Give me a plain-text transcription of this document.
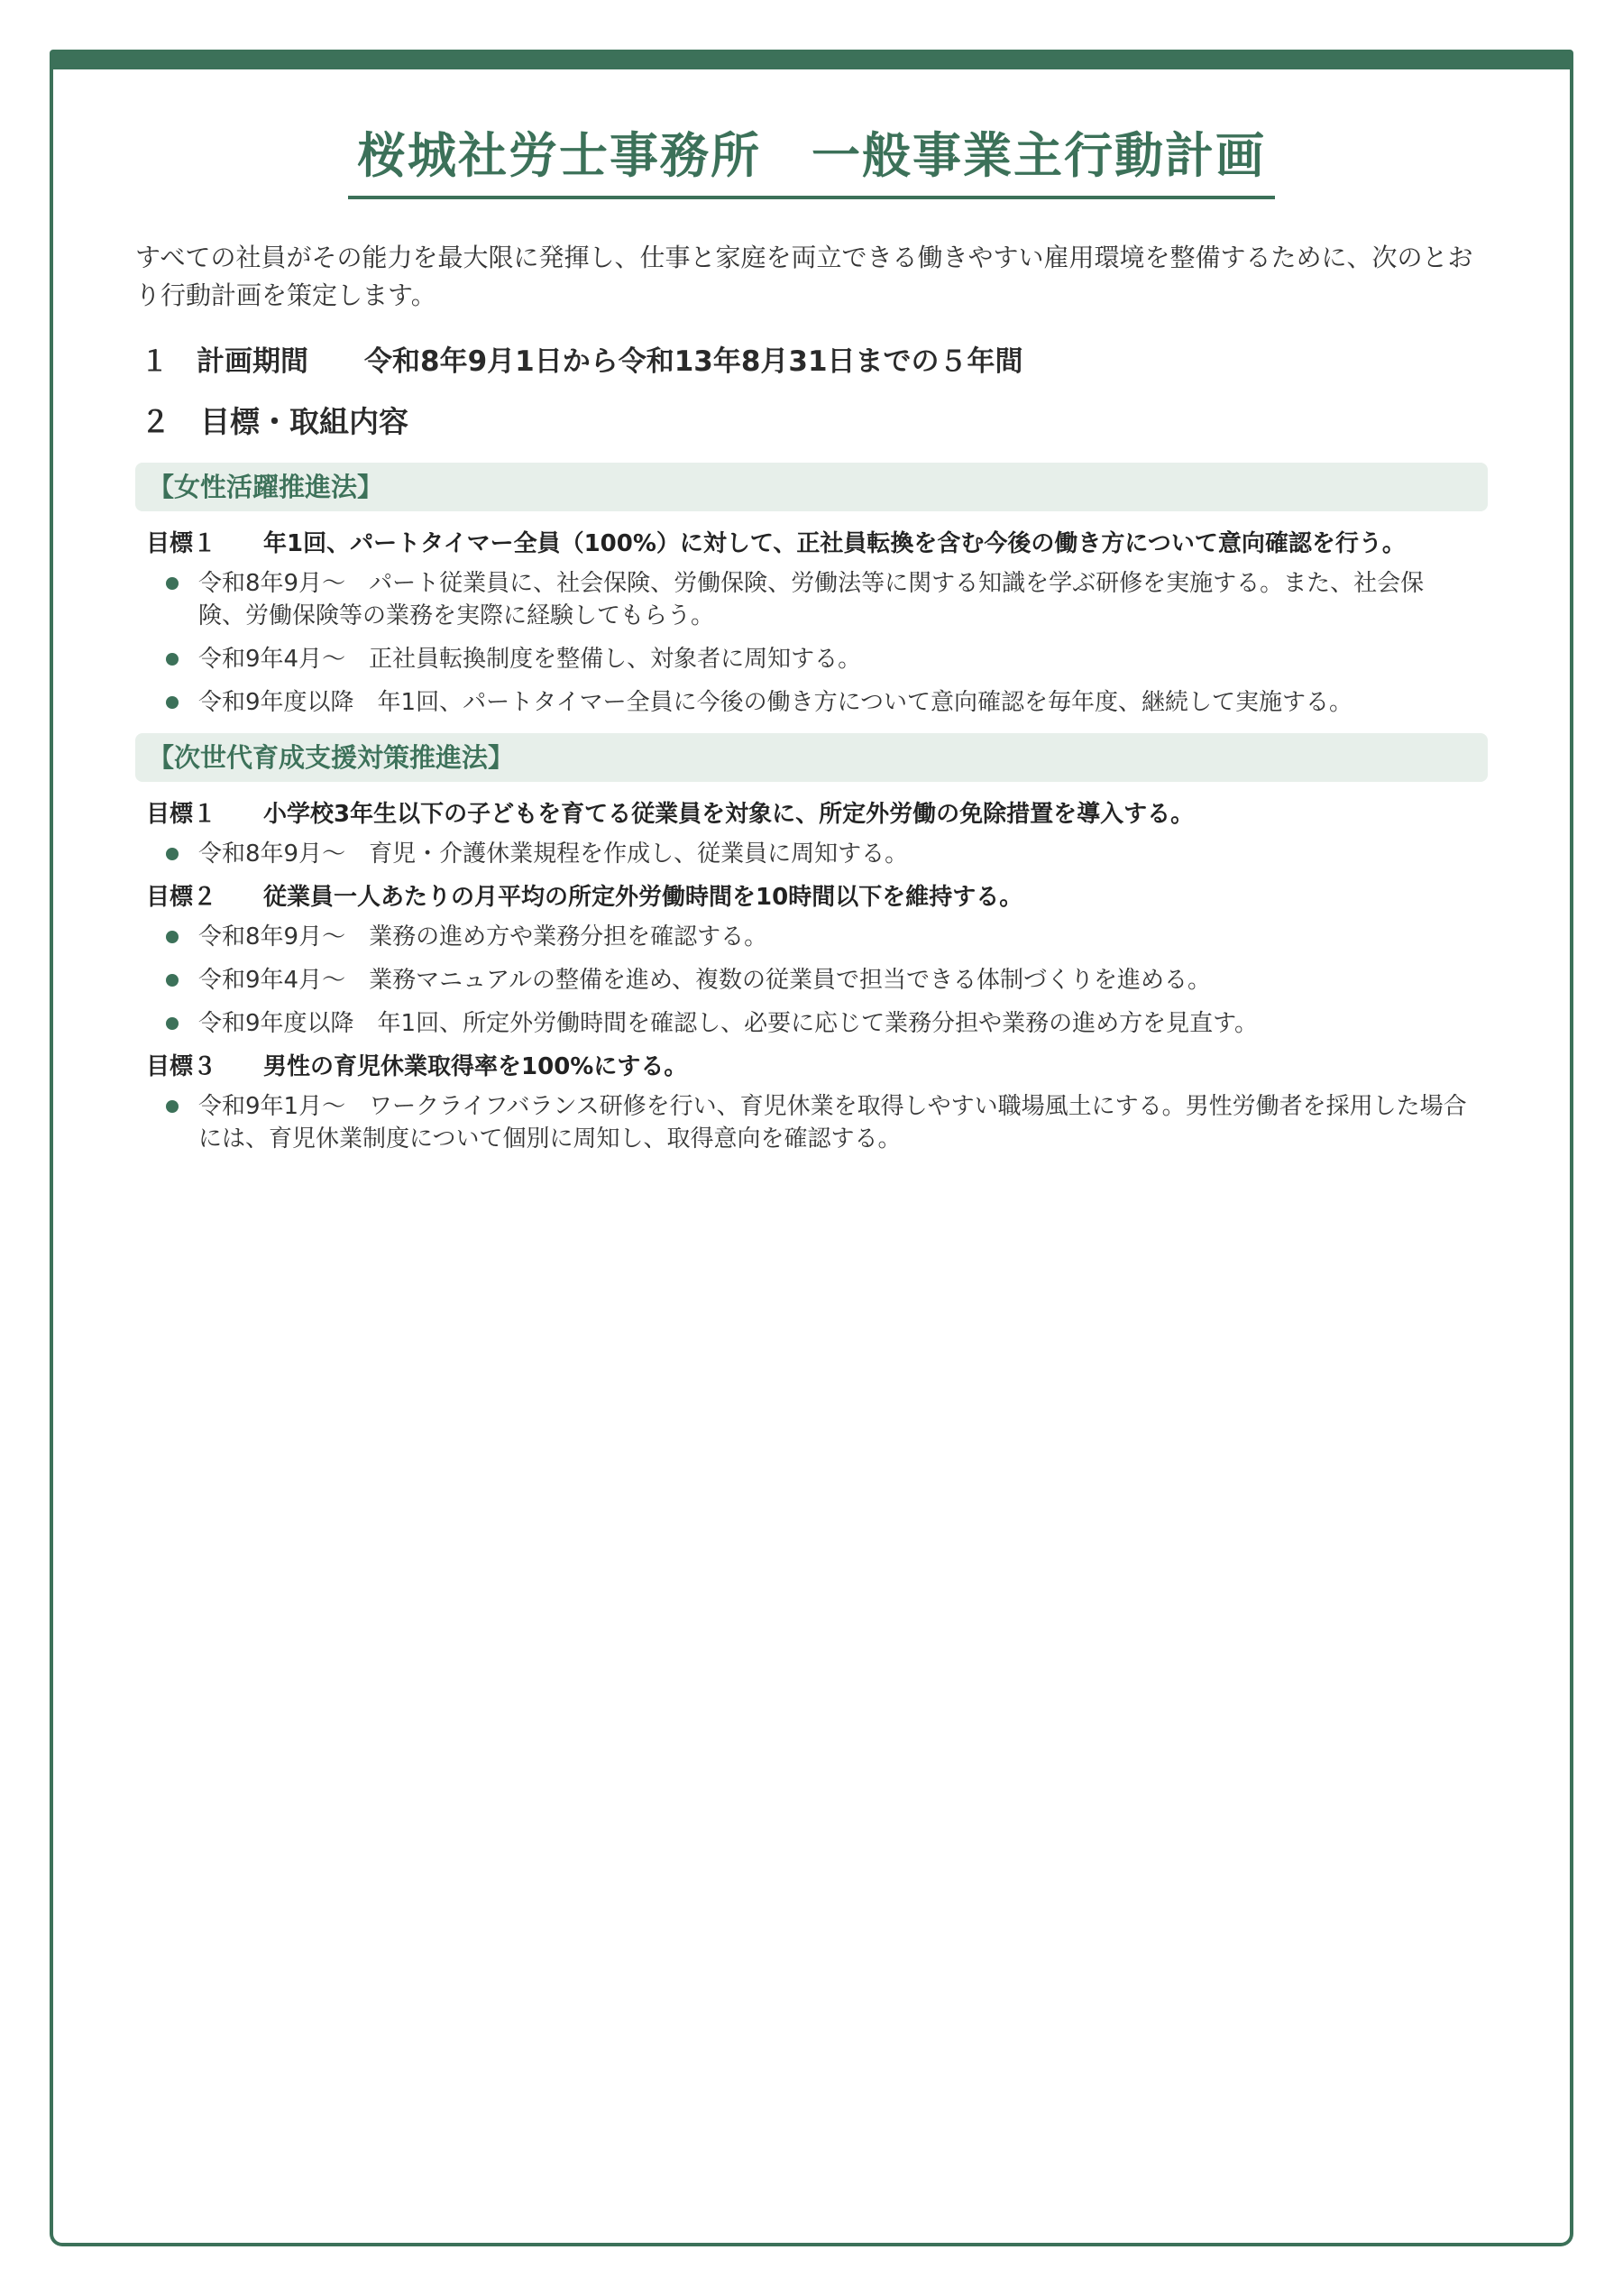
桜城社労士事務所　一般事業主行動計画

すべての社員がその能力を最大限に発揮し、仕事と家庭を両立できる働きやすい雇用環境を整備するために、次のとおり行動計画を策定します。

１　計画期間　　令和8年9月1日から令和13年8月31日までの５年間
２　目標・取組内容
【女性活躍推進法】
目標１ 年1回、パートタイマー全員（100%）に対して、正社員転換を含む今後の働き方について意向確認を行う。
令和8年9月～　パート従業員に、社会保険、労働保険、労働法等に関する知識を学ぶ研修を実施する。また、社会保険、労働保険等の業務を実際に経験してもらう。
令和9年4月～　正社員転換制度を整備し、対象者に周知する。
令和9年度以降　年1回、パートタイマー全員に今後の働き方について意向確認を毎年度、継続して実施する。
【次世代育成支援対策推進法】
目標１ 小学校3年生以下の子どもを育てる従業員を対象に、所定外労働の免除措置を導入する。
令和8年9月～　育児・介護休業規程を作成し、従業員に周知する。
目標２ 従業員一人あたりの月平均の所定外労働時間を10時間以下を維持する。
令和8年9月～　業務の進め方や業務分担を確認する。
令和9年4月～　業務マニュアルの整備を進め、複数の従業員で担当できる体制づくりを進める。
令和9年度以降　年1回、所定外労働時間を確認し、必要に応じて業務分担や業務の進め方を見直す。
目標３ 男性の育児休業取得率を100%にする。
令和9年1月～　ワークライフバランス研修を行い、育児休業を取得しやすい職場風土にする。男性労働者を採用した場合には、育児休業制度について個別に周知し、取得意向を確認する。
